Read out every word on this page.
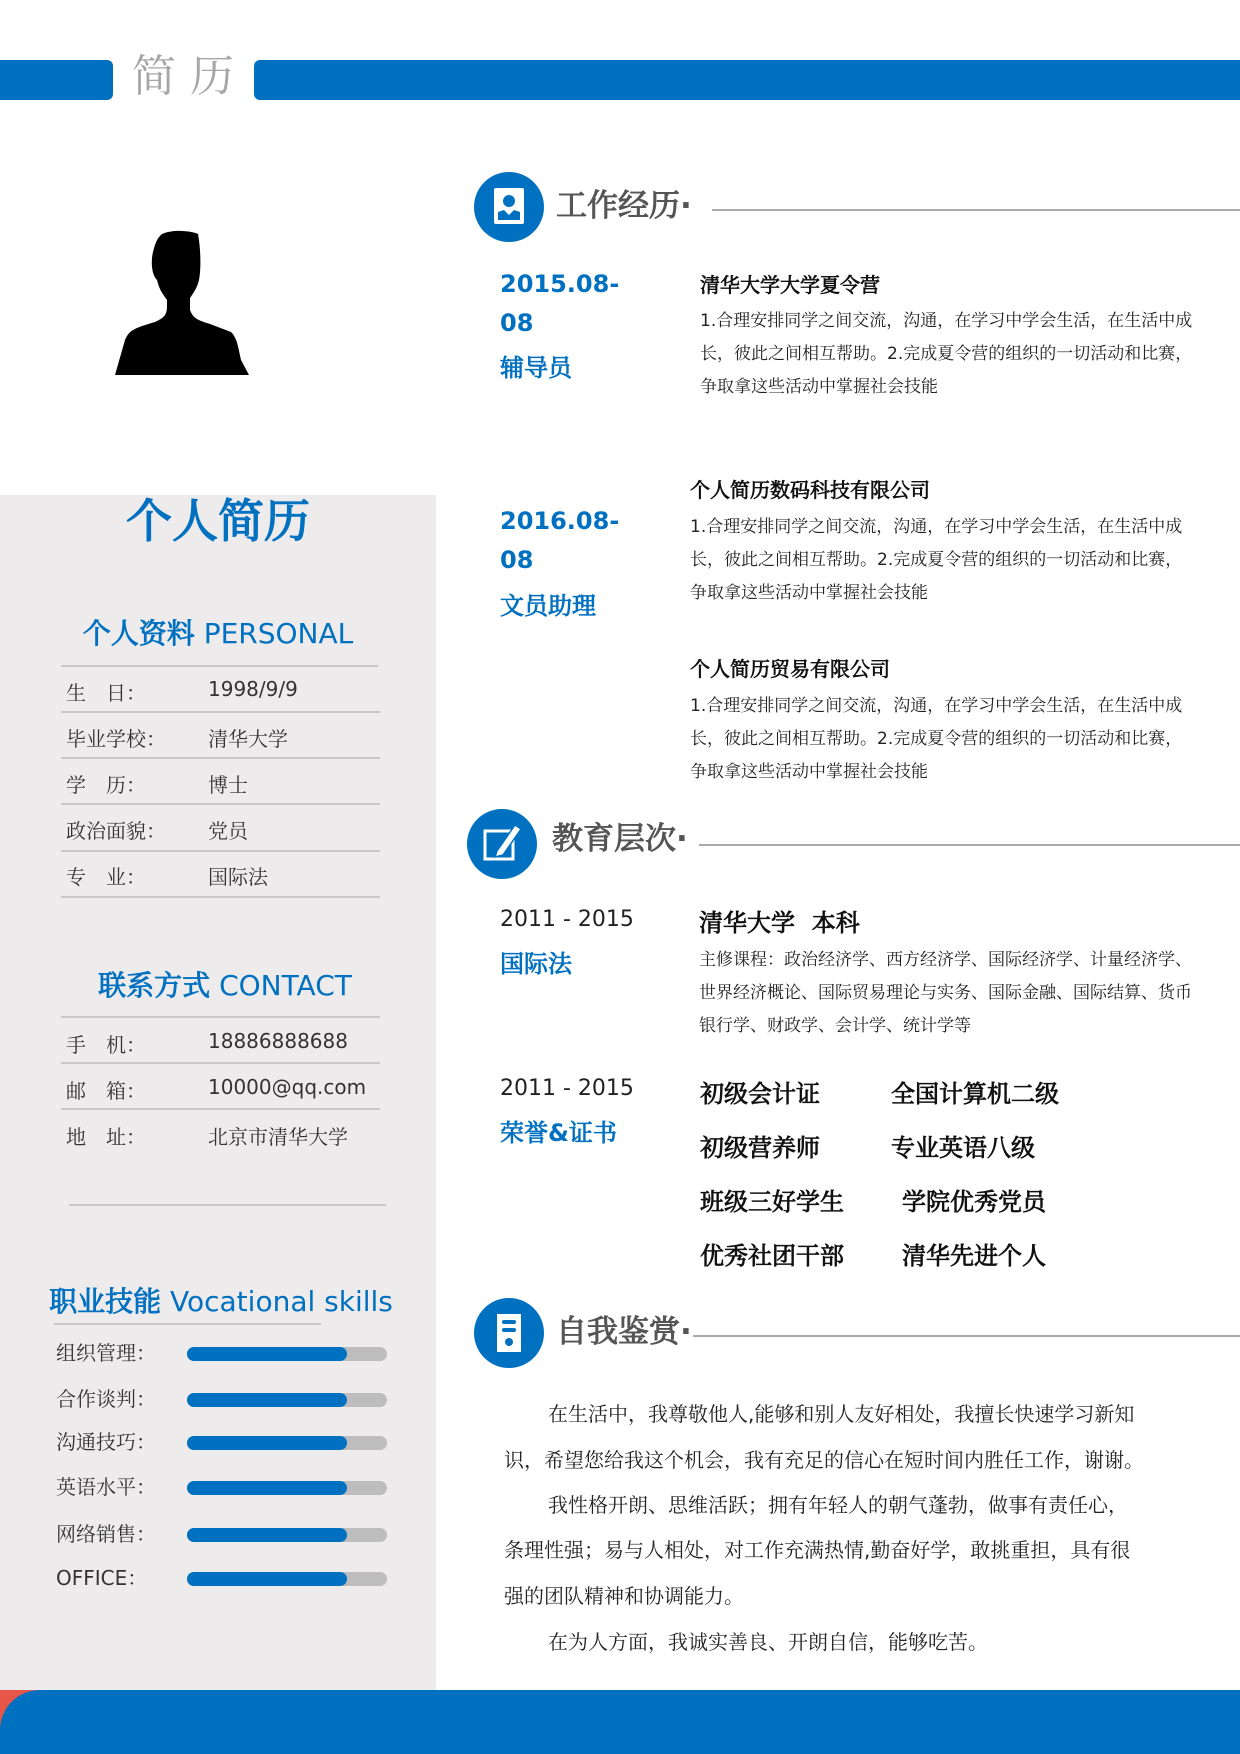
简 历
个人简历
个人资料 PERSONAL
生　日：	1998/9/9
毕业学校： 清华大学
学　历：	博士
政治面貌： 党员
专　业：	国际法
联系方式 CONTACT
手　机：	18886888688
邮　箱：	10000@qq.com
地　址：	北京市清华大学
职业技能 Vocational skills
组织管理：
合作谈判：
沟通技巧：
英语水平：
网络销售：
OFFICE：
工作经历·
2015.08-
08
辅导员
清华大学大学夏令营
1.合理安排同学之间交流，沟通，在学习中学会生活，在生活中成长，彼此之间相互帮助。2.完成夏令营的组织的一切活动和比赛，争取拿这些活动中掌握社会技能
2016.08-
08
文员助理
个人简历数码科技有限公司
1.合理安排同学之间交流，沟通，在学习中学会生活，在生活中成长，彼此之间相互帮助。2.完成夏令营的组织的一切活动和比赛，争取拿这些活动中掌握社会技能
个人简历贸易有限公司
1.合理安排同学之间交流，沟通，在学习中学会生活，在生活中成长，彼此之间相互帮助。2.完成夏令营的组织的一切活动和比赛，争取拿这些活动中掌握社会技能
教育层次·
2011 - 2015
国际法
清华大学  本科
主修课程：政治经济学、西方经济学、国际经济学、计量经济学、世界经济概论、国际贸易理论与实务、国际金融、国际结算、货币银行学、财政学、会计学、统计学等
2011 - 2015
荣誉&证书
初级会计证	全国计算机二级
初级营养师	专业英语八级
班级三好学生 学院优秀党员
优秀社团干部 清华先进个人
自我鉴赏·
在生活中，我尊敬他人,能够和别人友好相处，我擅长快速学习新知
识，希望您给我这个机会，我有充足的信心在短时间内胜任工作，谢谢。
我性格开朗、思维活跃；拥有年轻人的朝气蓬勃，做事有责任心，
条理性强；易与人相处，对工作充满热情,勤奋好学，敢挑重担，具有很
强的团队精神和协调能力。
在为人方面，我诚实善良、开朗自信，能够吃苦。
